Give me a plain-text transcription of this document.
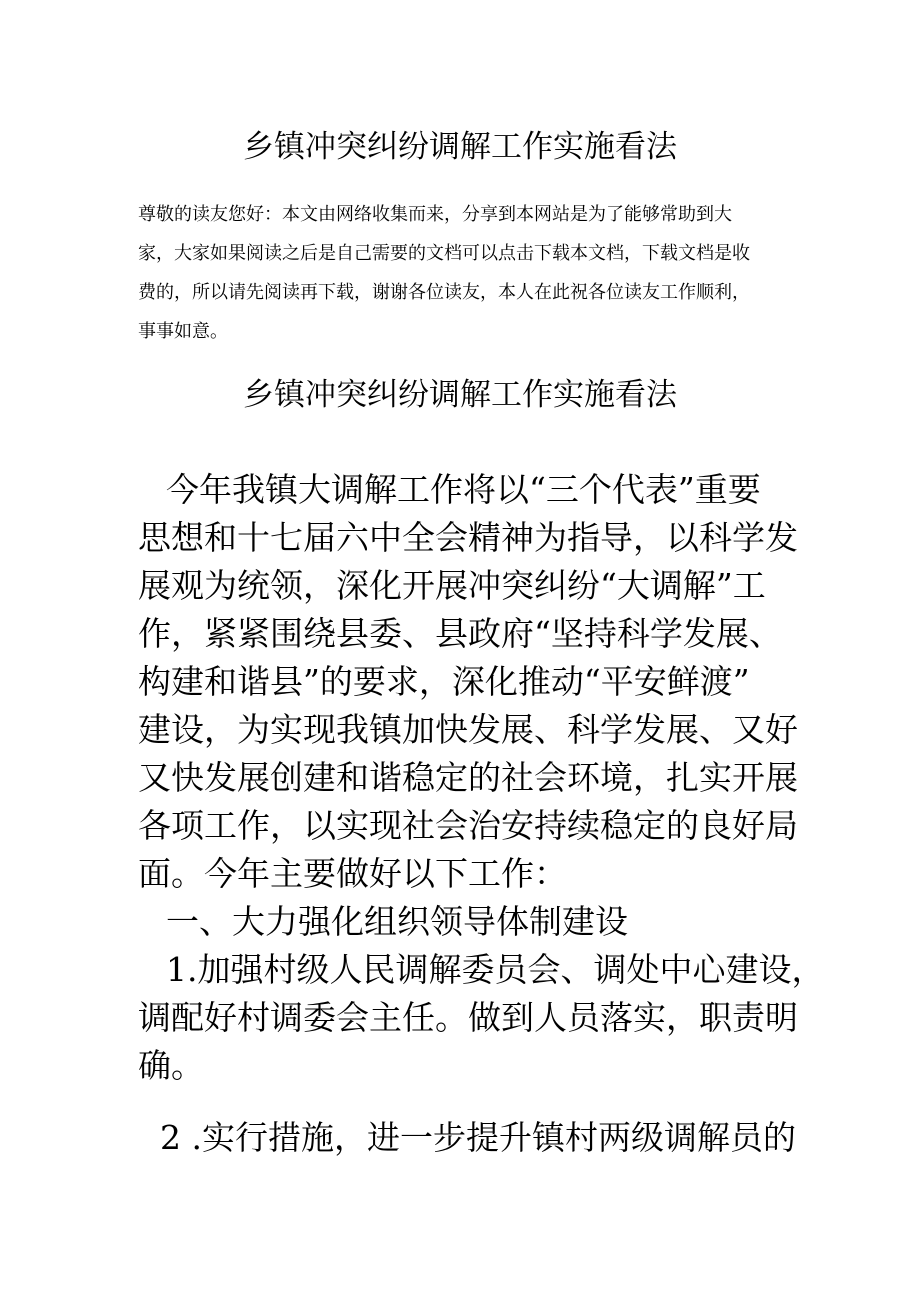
乡镇冲突纠纷调解工作实施看法
尊敬的读友您好：本文由网络收集而来，分享到本网站是为了能够常助到大
家，大家如果阅读之后是自己需要的文档可以点击下载本文档，下载文档是收
费的，所以请先阅读再下载，谢谢各位读友，本人在此祝各位读友工作顺利，
事事如意。
乡镇冲突纠纷调解工作实施看法
今年我镇大调解工作将以“三个代表”重要
思想和十七届六中全会精神为指导，以科学发
展观为统领，深化开展冲突纠纷“大调解”工
作，紧紧围绕县委、县政府“坚持科学发展、
构建和谐县”的要求，深化推动“平安鲜渡”
建设，为实现我镇加快发展、科学发展、又好
又快发展创建和谐稳定的社会环境，扎实开展
各项工作，以实现社会治安持续稳定的良好局
面。今年主要做好以下工作：
一、大力强化组织领导体制建设
1.加强村级人民调解委员会、调处中心建设，
调配好村调委会主任。做到人员落实，职责明
确。
2 .实行措施，进一步提升镇村两级调解员的
